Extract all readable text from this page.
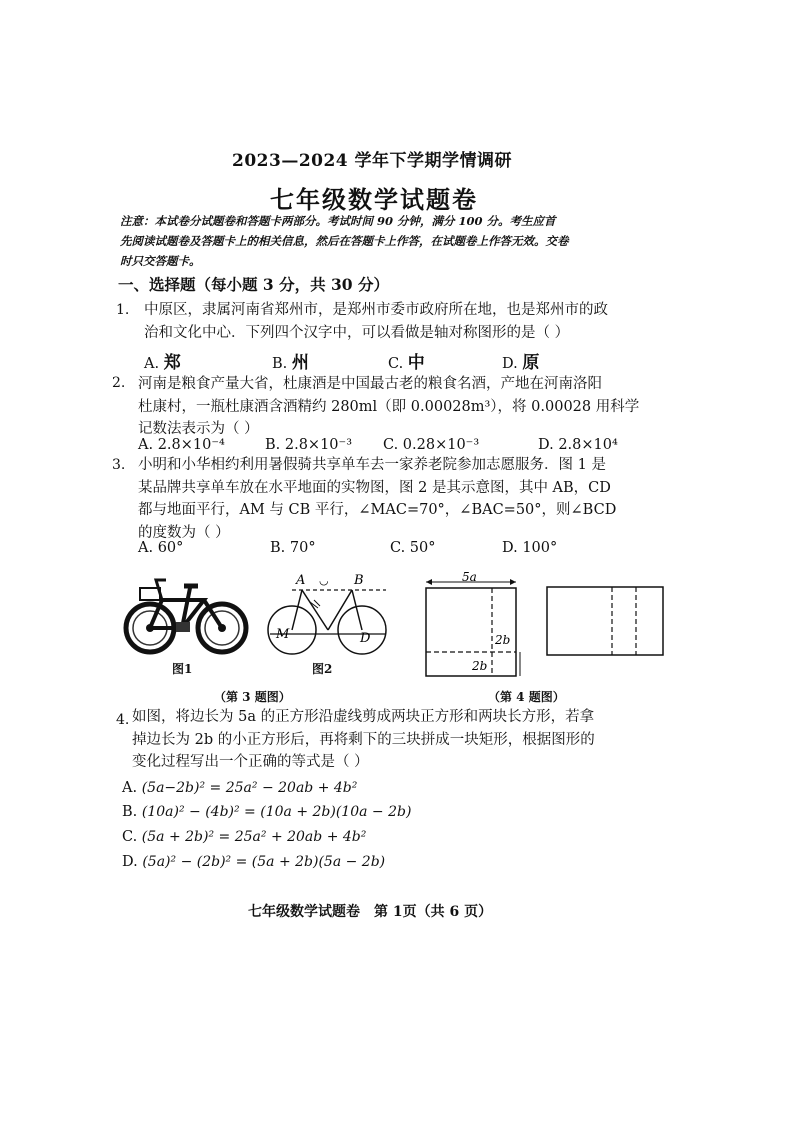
2023—2024 学年下学期学情调研
七年级数学试题卷
注意：本试卷分试题卷和答题卡两部分。考试时间 90 分钟，满分 100 分。考生应首
先阅读试题卷及答题卡上的相关信息，然后在答题卡上作答，在试题卷上作答无效。交卷
时只交答题卡。
一、选择题（每小题 3 分，共 30 分）
1. 中原区，隶属河南省郑州市，是郑州市委市政府所在地，也是郑州市的政
治和文化中心．下列四个汉字中，可以看做是轴对称图形的是（ ）
A. 郑	B. 州	C. 中	D. 原
2. 河南是粮食产量大省，杜康酒是中国最古老的粮食名酒，产地在河南洛阳
杜康村，一瓶杜康酒含酒精约 280ml（即 0.00028m³），将 0.00028 用科学
记数法表示为（ ）
A. 2.8×10⁻⁴	B. 2.8×10⁻³ C. 0.28×10⁻³	D. 2.8×10⁴
3. 小明和小华相约利用暑假骑共享单车去一家养老院参加志愿服务．图 1 是
某品牌共享单车放在水平地面的实物图，图 2 是其示意图，其中 AB，CD
都与地面平行，AM 与 CB 平行，∠MAC=70°，∠BAC=50°，则∠BCD
的度数为（ ）
A. 60°	B. 70°	C. 50°	D. 100°
图1
A ◡ B
M	D
图2
5a
2b
2b
（第 3 题图）	（第 4 题图）
4. 如图，将边长为 5a 的正方形沿虚线剪成两块正方形和两块长方形，若拿
掉边长为 2b 的小正方形后，再将剩下的三块拼成一块矩形，根据图形的
变化过程写出一个正确的等式是（ ）
A. (5a−2b)² = 25a² − 20ab + 4b²
B. (10a)² − (4b)² = (10a + 2b)(10a − 2b)
C. (5a + 2b)² = 25a² + 20ab + 4b²
D. (5a)² − (2b)² = (5a + 2b)(5a − 2b)
七年级数学试题卷　第 1页（共 6 页）
